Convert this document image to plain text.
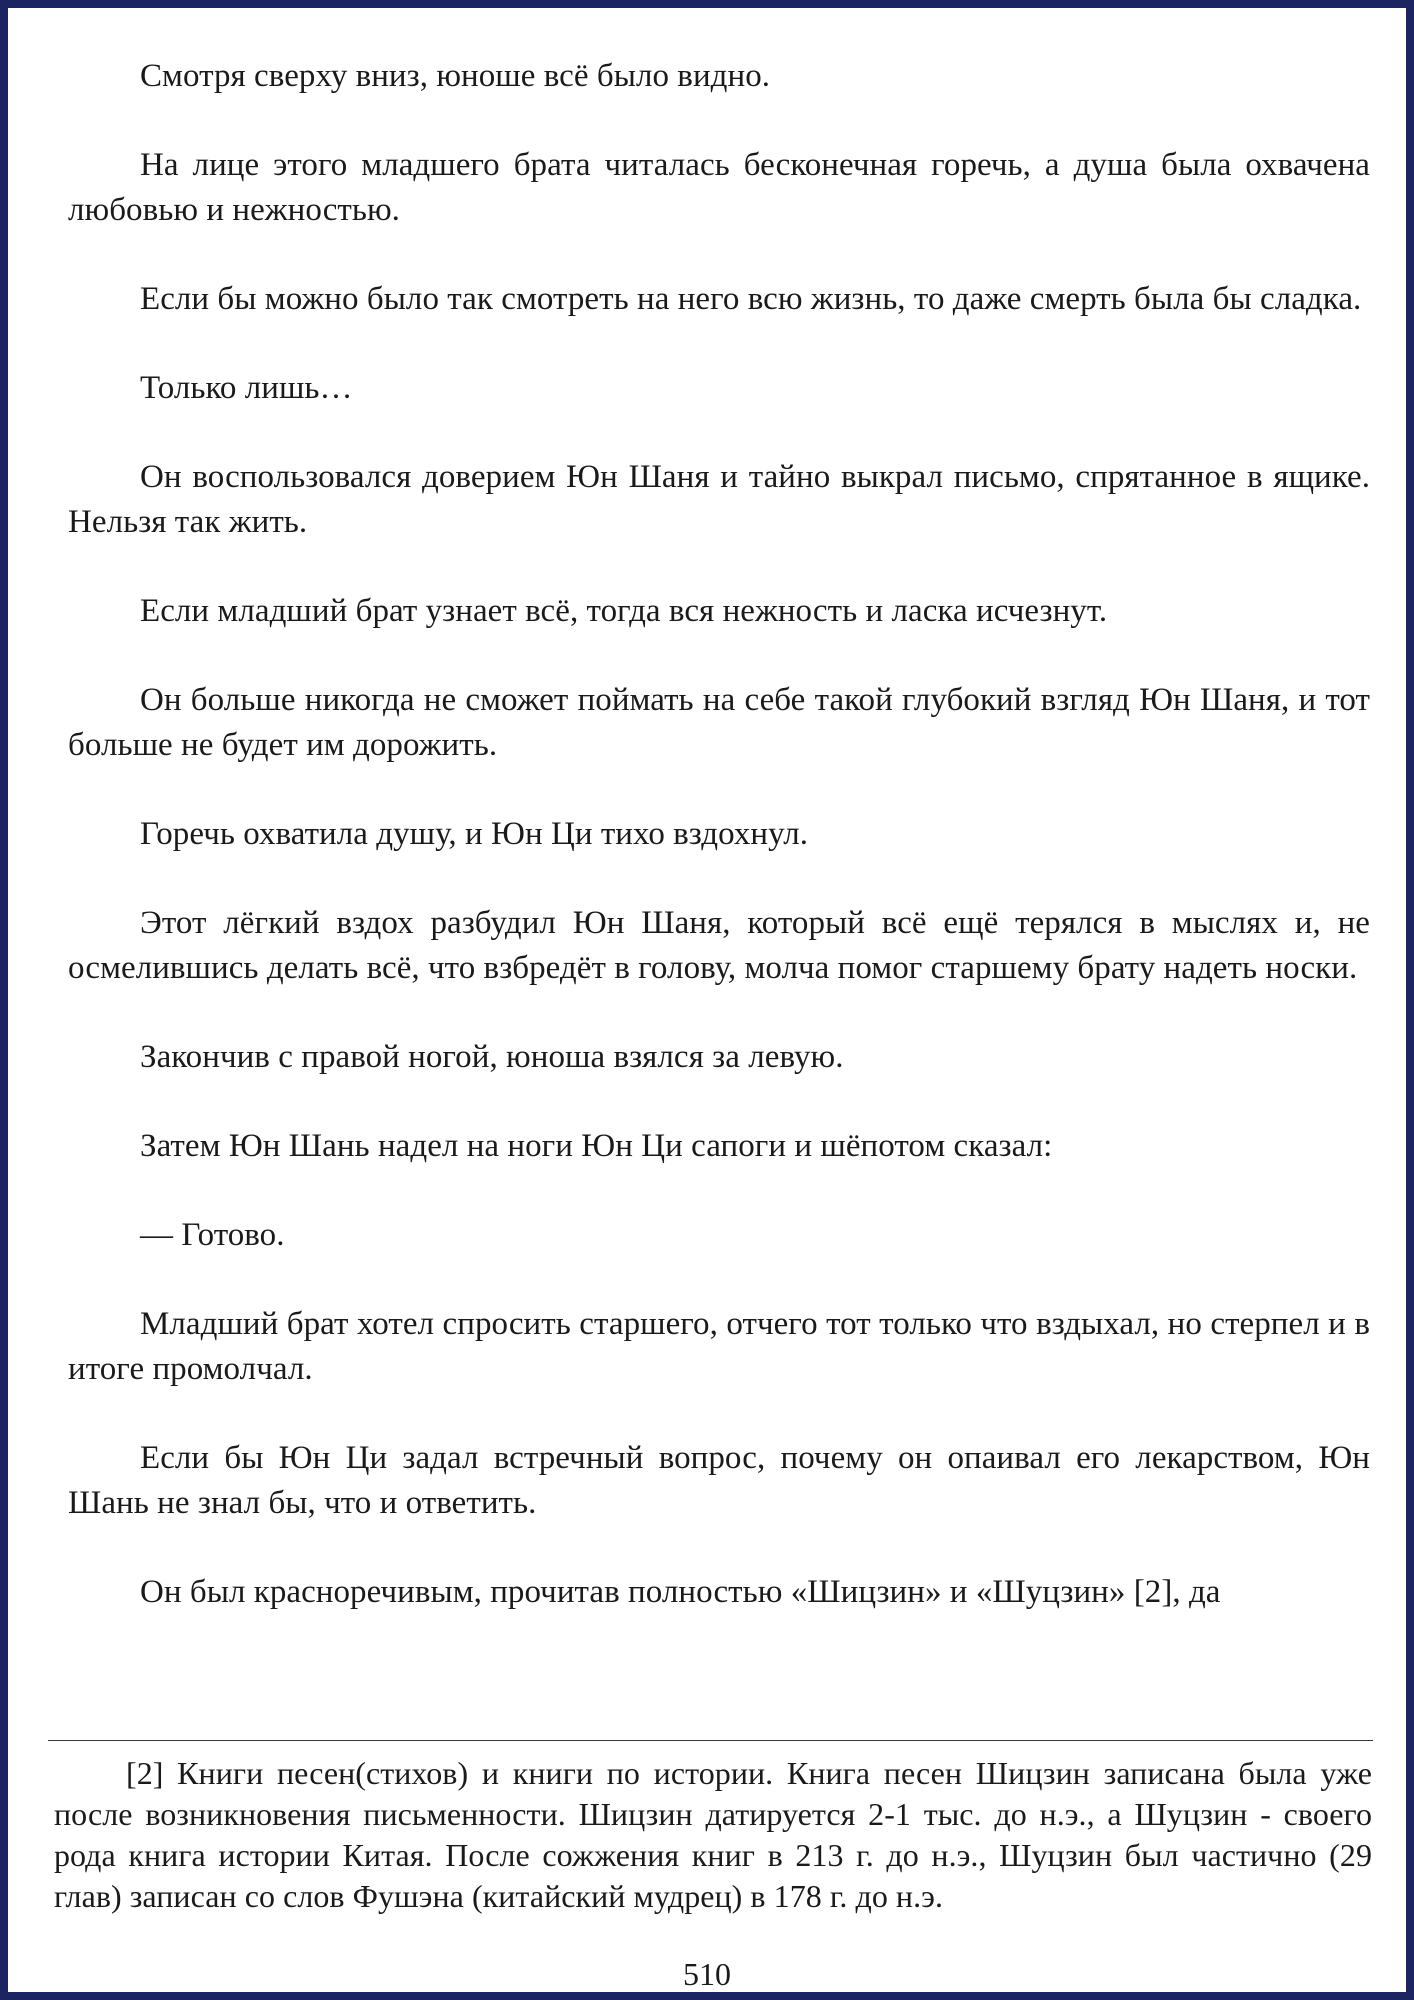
Смотря сверху вниз, юноше всё было видно.

На лице этого младшего брата читалась бесконечная горечь, а душа была охвачена любовью и нежностью.

Если бы можно было так смотреть на него всю жизнь, то даже смерть была бы сладка.

Только лишь…

Он воспользовался доверием Юн Шаня и тайно выкрал письмо, спрятанное в ящике. Нельзя так жить.

Если младший брат узнает всё, тогда вся нежность и ласка исчезнут.

Он больше никогда не сможет поймать на себе такой глубокий взгляд Юн Шаня, и тот больше не будет им дорожить.

Горечь охватила душу, и Юн Ци тихо вздохнул.

Этот лёгкий вздох разбудил Юн Шаня, который всё ещё терялся в мыслях и, не осмелившись делать всё, что взбредёт в голову, молча помог старшему брату надеть носки.

Закончив с правой ногой, юноша взялся за левую.

Затем Юн Шань надел на ноги Юн Ци сапоги и шёпотом сказал:

— Готово.

Младший брат хотел спросить старшего, отчего тот только что вздыхал, но стерпел и в итоге промолчал.

Если бы Юн Ци задал встречный вопрос, почему он опаивал его лекарством, Юн Шань не знал бы, что и ответить.

Он был красноречивым, прочитав полностью «Шицзин» и «Шуцзин» [2], да

[2] Книги песен(стихов) и книги по истории. Книга песен Шицзин записана была уже после возникновения письменности. Шицзин датируется 2-1 тыс. до н.э., а Шуцзин - своего рода книга истории Китая. После сожжения книг в 213 г. до н.э., Шуцзин был частично (29 глав) записан со слов Фушэна (китайский мудрец) в 178 г. до н.э.

510
